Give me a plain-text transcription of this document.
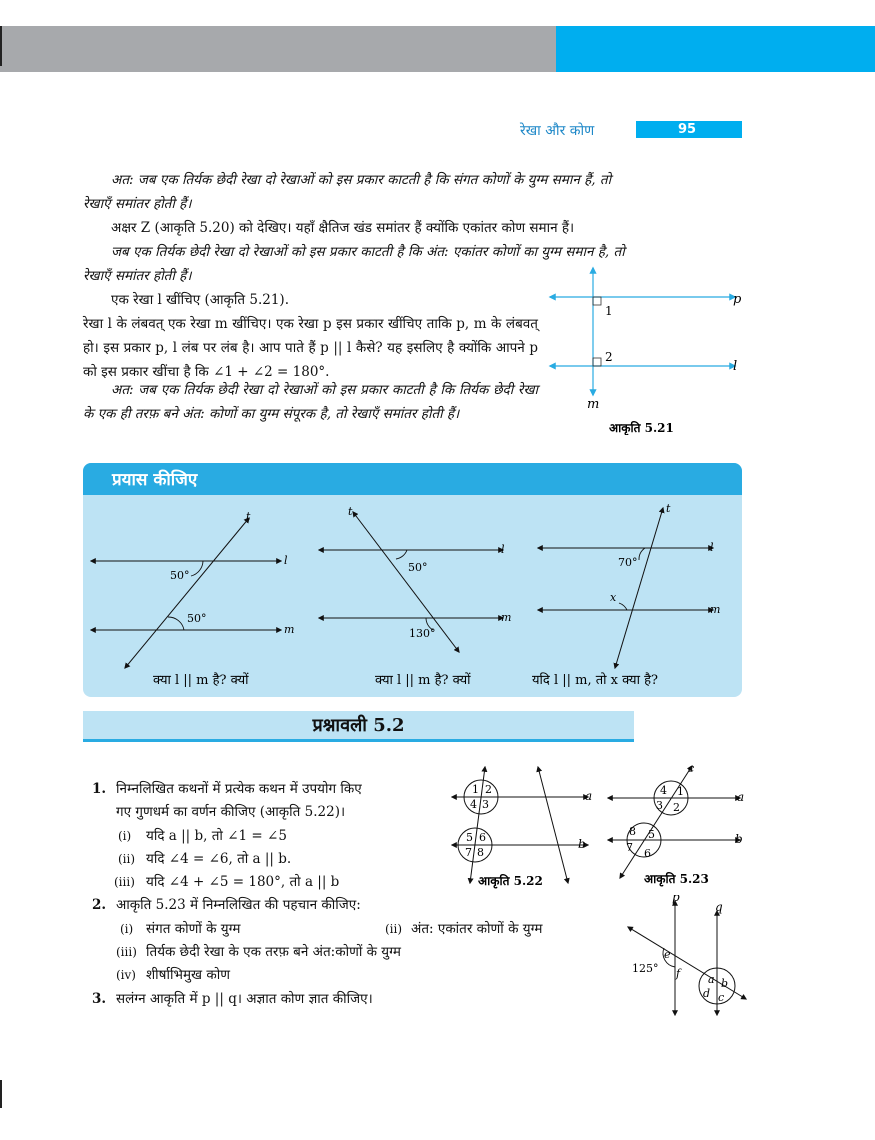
रेखा और कोण	95
अत: जब एक तिर्यक छेदी रेखा दो रेखाओं को इस प्रकार काटती है कि संगत कोणों के युग्म समान हैं, तो रेखाएँ समांतर होती हैं।
अक्षर Z (आकृति 5.20) को देखिए। यहाँ क्षैतिज खंड समांतर हैं क्योंकि एकांतर कोण समान हैं।
जब एक तिर्यक छेदी रेखा दो रेखाओं को इस प्रकार काटती है कि अंत: एकांतर कोणों का युग्म समान है, तो रेखाएँ समांतर होती हैं।
एक रेखा l खींचिए (आकृति 5.21).
रेखा l के लंबवत् एक रेखा m खींचिए। एक रेखा p इस प्रकार खींचिए ताकि p, m के लंबवत् हो। इस प्रकार p, l लंब पर लंब है। आप पाते हैं p || l कैसे? यह इसलिए है क्योंकि आपने p को इस प्रकार खींचा है कि ∠1 + ∠2 = 180°.
अत: जब एक तिर्यक छेदी रेखा दो रेखाओं को इस प्रकार काटती है कि तिर्यक छेदी रेखा के एक ही तरफ़ बने अंत: कोणों का युग्म संपूरक है, तो रेखाएँ समांतर होती हैं।
1
2
p
l
m
आकृति 5.21
प्रयास कीजिए
t
l
m
50°
50°
क्या l || m है? क्यों
t
l
m
50°
130°
क्या l || m है? क्यों
t
l
m
70°
x
यदि l || m, तो x क्या है?
प्रश्नावली 5.2
1. निम्नलिखित कथनों में प्रत्येक कथन में उपयोग किए
गए गुणधर्म का वर्णन कीजिए (आकृति 5.22)।
(i) यदि a || b, तो ∠1 = ∠5
(ii) यदि ∠4 = ∠6, तो a || b.
(iii) यदि ∠4 + ∠5 = 180°, तो a || b
2. आकृति 5.23 में निम्नलिखित की पहचान कीजिए:
(i) संगत कोणों के युग्म	(ii) अंत: एकांतर कोणों के युग्म
(iii) तिर्यक छेदी रेखा के एक तरफ़ बने अंत:कोणों के युग्म
(iv) शीर्षाभिमुख कोण
3. सलंग्न आकृति में p || q। अज्ञात कोण ज्ञात कीजिए।
1 2
3
4
5 6
7 8
a
b
आकृति 5.22
c
1
2
3
4
5
6
7
8
a
b
आकृति 5.23
p
q
125°
e
f	a b
c
d
